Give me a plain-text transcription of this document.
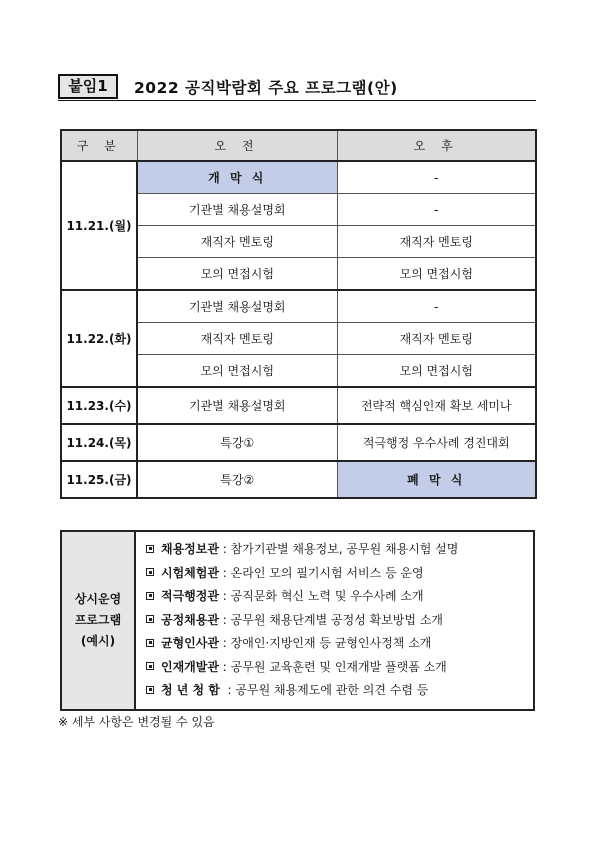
붙임1	2022 공직박람회 주요 프로그램(안)
구 분	오 전	오 후
11.21.(월)	개 막 식	-
	기관별 채용설명회	-
	재직자 멘토링	재직자 멘토링
	모의 면접시험	모의 면접시험
11.22.(화)	기관별 채용설명회	-
	재직자 멘토링	재직자 멘토링
	모의 면접시험	모의 면접시험
11.23.(수)	기관별 채용설명회	전략적 핵심인재 확보 세미나
11.24.(목)	특강①	적극행정 우수사례 경진대회
11.25.(금)	특강②	폐 막 식
상시운영
프로그램
(예시)

채용정보관 : 참가기관별 채용정보, 공무원 채용시험 설명
시험체험관 : 온라인 모의 필기시험 서비스 등 운영
적극행정관 : 공직문화 혁신 노력 및 우수사례 소개
공정채용관 : 공무원 채용단계별 공정성 확보방법 소개
균형인사관 : 장애인·지방인재 등 균형인사정책 소개
인재개발관 : 공무원 교육훈련 및 인재개발 플랫폼 소개
청 년 청 함  : 공무원 채용제도에 관한 의견 수렴 등
※ 세부 사항은 변경될 수 있음
